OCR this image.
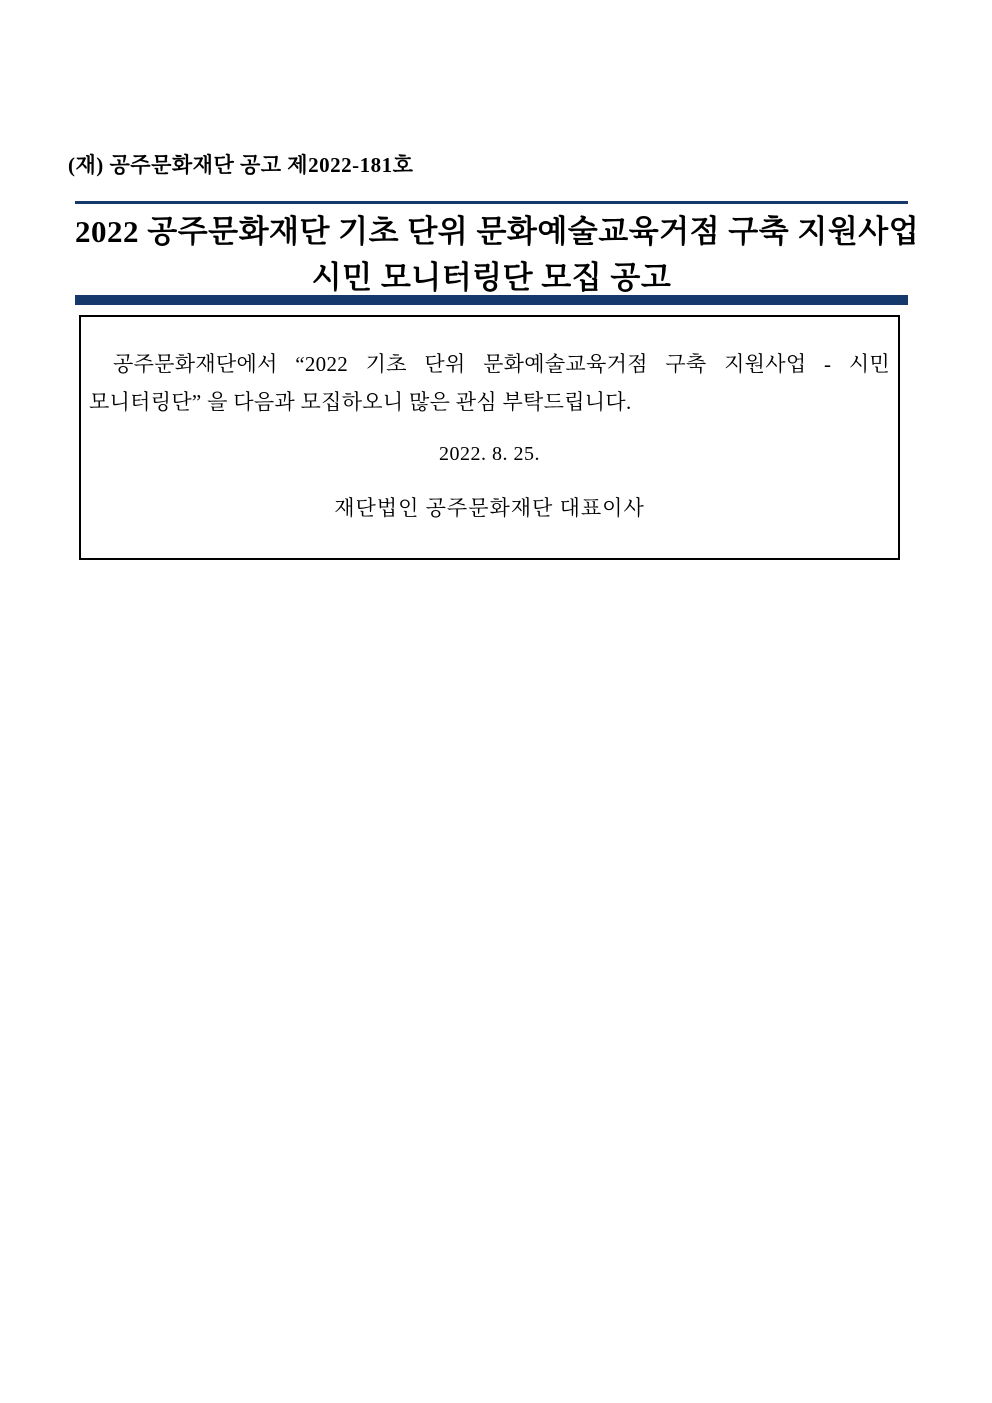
(재) 공주문화재단 공고 제2022-181호
2022 공주문화재단 기초 단위 문화예술교육거점 구축 지원사업
시민 모니터링단 모집 공고
공주문화재단에서 “2022 기초 단위 문화예술교육거점 구축 지원사업 - 시민
모니터링단” 을 다음과 모집하오니 많은 관심 부탁드립니다.
2022. 8. 25.
재단법인 공주문화재단 대표이사
